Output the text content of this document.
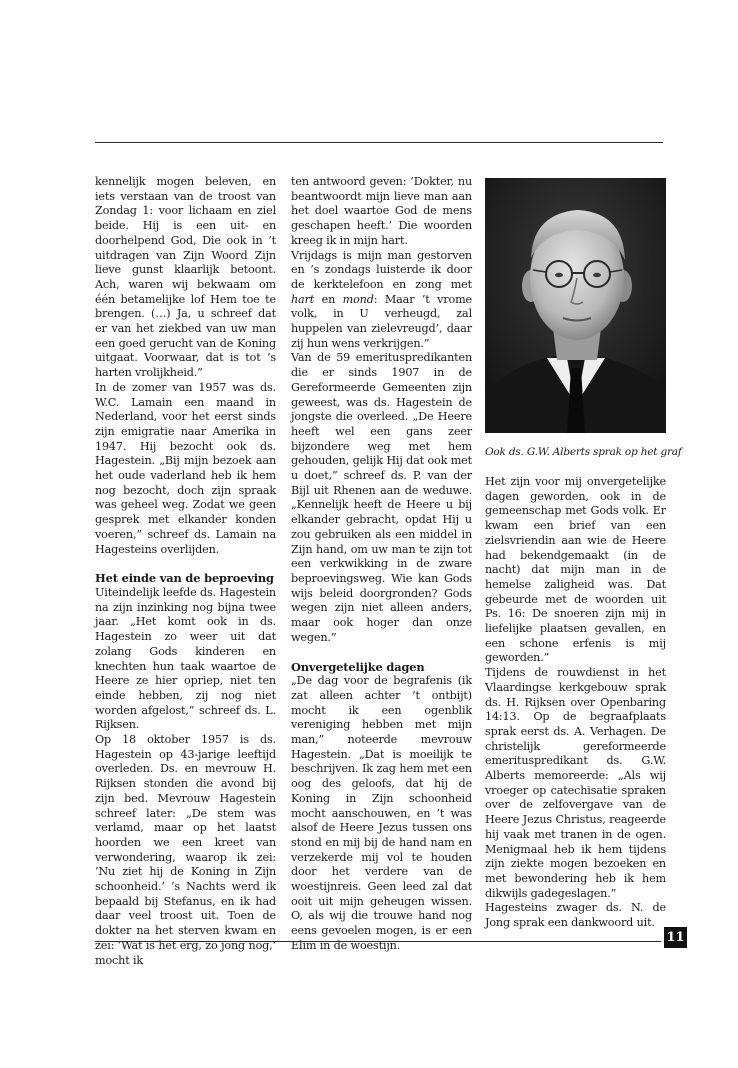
kennelijk mogen beleven, en iets verstaan van de troost van Zondag 1: voor lichaam en ziel beide. Hij is een uit- en doorhelpend God, Die ook in ’t uitdragen van Zijn Woord Zijn lieve gunst klaarlijk betoont. Ach, waren wij bekwaam om één betamelijke lof Hem toe te brengen. (…) Ja, u schreef dat er van het ziekbed van uw man een goed gerucht van de Koning uitgaat. Voorwaar, dat is tot ’s harten vrolijkheid.”

In de zomer van 1957 was ds. W.C. Lamain een maand in Nederland, voor het eerst sinds zijn emigratie naar Amerika in 1947. Hij bezocht ook ds. Hagestein. „Bij mijn bezoek aan het oude vaderland heb ik hem nog bezocht, doch zijn spraak was geheel weg. Zodat we geen gesprek met elkander konden voeren,” schreef ds. Lamain na Hagesteins overlijden.

Het einde van de beproeving

Uiteindelijk leefde ds. Hagestein na zijn inzinking nog bijna twee jaar. „Het komt ook in ds. Hagestein zo weer uit dat zolang Gods kinderen en knechten hun taak waartoe de Heere ze hier opriep, niet ten einde hebben, zij nog niet worden afgelost,” schreef ds. L. Rijksen.

Op 18 oktober 1957 is ds. Hagestein op 43-jarige leeftijd overleden. Ds. en mevrouw H. Rijksen stonden die avond bij zijn bed. Mevrouw Hagestein schreef later: „De stem was verlamd, maar op het laatst hoorden we een kreet van verwondering, waarop ik zei: ’Nu ziet hij de Koning in Zijn schoonheid.’ ’s Nachts werd ik bepaald bij Stefanus, en ik had daar veel troost uit. Toen de dokter na het sterven kwam en zei: ’Wat is het erg, zo jong nog,’ mocht ik

ten antwoord geven: ’Dokter, nu beantwoordt mijn lieve man aan het doel waartoe God de mens geschapen heeft.’ Die woorden kreeg ik in mijn hart.

Vrijdags is mijn man gestorven en ’s zondags luisterde ik door de kerktelefoon en zong met hart en mond: Maar ’t vrome volk, in U verheugd, zal huppelen van zielevreugd’, daar zij hun wens verkrijgen.”

Van de 59 emerituspredikanten die er sinds 1907 in de Gereformeerde Gemeenten zijn geweest, was ds. Hagestein de jongste die overleed. „De Heere heeft wel een gans zeer bijzondere weg met hem gehouden, gelijk Hij dat ook met u doet,” schreef ds. P. van der Bijl uit Rhenen aan de weduwe. „Kennelijk heeft de Heere u bij elkander gebracht, opdat Hij u zou gebruiken als een middel in Zijn hand, om uw man te zijn tot een verkwikking in de zware beproevingsweg. Wie kan Gods wijs beleid doorgronden? Gods wegen zijn niet alleen anders, maar ook hoger dan onze wegen.”

Onvergetelijke dagen

„De dag voor de begrafenis (ik zat alleen achter ’t ontbijt) mocht ik een ogenblik vereniging hebben met mijn man,” noteerde mevrouw Hagestein. „Dat is moeilijk te beschrijven. Ik zag hem met een oog des geloofs, dat hij de Koning in Zijn schoonheid mocht aanschouwen, en ’t was alsof de Heere Jezus tussen ons stond en mij bij de hand nam en verzekerde mij vol te houden door het verdere van de woestijnreis. Geen leed zal dat ooit uit mijn geheugen wissen. O, als wij die trouwe hand nog eens gevoelen mogen, is er een Elim in de woestijn.

Ook ds. G.W. Alberts sprak op het graf

Het zijn voor mij onvergetelijke dagen geworden, ook in de gemeenschap met Gods volk. Er kwam een brief van een zielsvriendin aan wie de Heere had bekendgemaakt (in de nacht) dat mijn man in de hemelse zaligheid was. Dat gebeurde met de woorden uit Ps. 16: De snoeren zijn mij in liefelijke plaatsen gevallen, en een schone erfenis is mij geworden.”

Tijdens de rouwdienst in het Vlaardingse kerkgebouw sprak ds. H. Rijksen over Openbaring 14:13. Op de begraafplaats sprak eerst ds. A. Verhagen. De christelijk gereformeerde emerituspredikant ds. G.W. Alberts memoreerde: „Als wij vroeger op catechisatie spraken over de zelfovergave van de Heere Jezus Christus, reageerde hij vaak met tranen in de ogen. Menigmaal heb ik hem tijdens zijn ziekte mogen bezoeken en met bewondering heb ik hem dikwijls gadegeslagen.”

Hagesteins zwager ds. N. de Jong sprak een dankwoord uit.

11
